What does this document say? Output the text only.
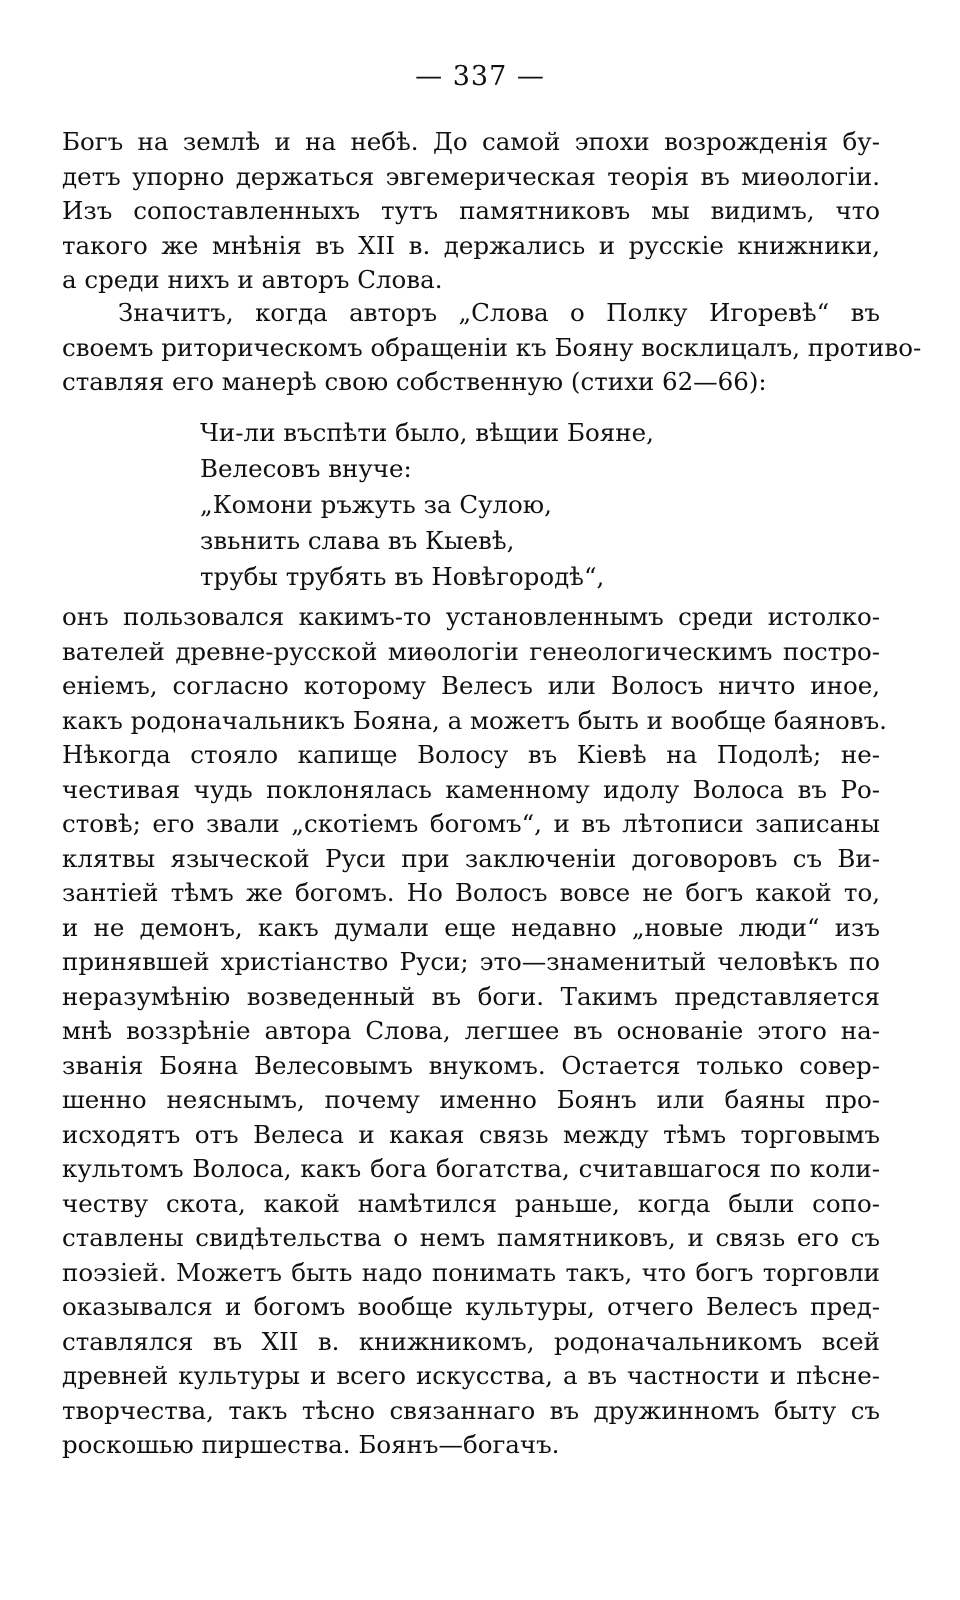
— 337 —

Богъ на землѣ и на небѣ. До самой эпохи возрожденія бу-
детъ упорно держаться эвгемерическая теорія въ миѳологіи.
Изъ сопоставленныхъ тутъ памятниковъ мы видимъ, что
такого же мнѣнія въ XII в. держались и русскіе книжники,
а среди нихъ и авторъ Слова.

Значитъ, когда авторъ „Слова о Полку Игоревѣ“ въ
своемъ риторическомъ обращеніи къ Бояну восклицалъ, противо-
ставляя его манерѣ свою собственную (стихи 62—66):

Чи-ли въспѣти было, вѣщии Бояне,
Велесовъ внуче:
„Комони ръжуть за Сулою,
звьнить слава въ Кыевѣ,
трубы трубять въ Новѣгородѣ“,

онъ пользовался какимъ-то установленнымъ среди истолко-
вателей древне-русской миѳологіи генеологическимъ постро-
еніемъ, согласно которому Велесъ или Волосъ ничто иное,
какъ родоначальникъ Бояна, а можетъ быть и вообще баяновъ.
Нѣкогда стояло капище Волосу въ Кіевѣ на Подолѣ; не-
честивая чудь поклонялась каменному идолу Волоса въ Ро-
стовѣ; его звали „скотіемъ богомъ“, и въ лѣтописи записаны
клятвы языческой Руси при заключеніи договоровъ съ Ви-
зантіей тѣмъ же богомъ. Но Волосъ вовсе не богъ какой то,
и не демонъ, какъ думали еще недавно „новые люди“ изъ
принявшей христіанство Руси; это—знаменитый человѣкъ по
неразумѣнію возведенный въ боги. Такимъ представляется
мнѣ воззрѣніе автора Слова, легшее въ основаніе этого на-
званія Бояна Велесовымъ внукомъ. Остается только совер-
шенно неяснымъ, почему именно Боянъ или баяны про-
исходятъ отъ Велеса и какая связь между тѣмъ торговымъ
культомъ Волоса, какъ бога богатства, считавшагося по коли-
честву скота, какой намѣтился раньше, когда были сопо-
ставлены свидѣтельства о немъ памятниковъ, и связь его съ
поэзіей. Можетъ быть надо понимать такъ, что богъ торговли
оказывался и богомъ вообще культуры, отчего Велесъ пред-
ставлялся въ XII в. книжникомъ, родоначальникомъ всей
древней культуры и всего искусства, а въ частности и пѣсне-
творчества, такъ тѣсно связаннаго въ дружинномъ быту съ
роскошью пиршества. Боянъ—богачъ.
